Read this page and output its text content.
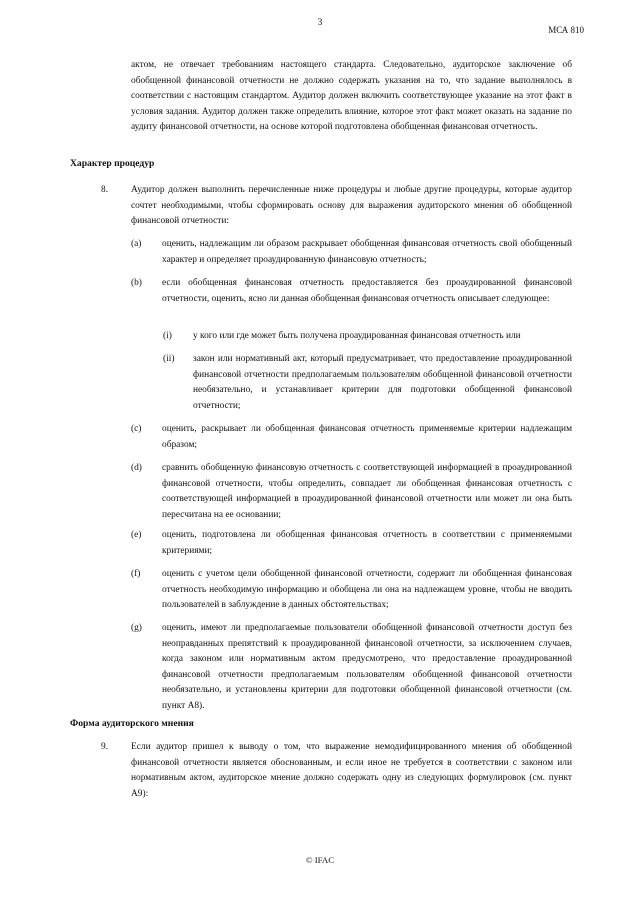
3
МСА 810

актом, не отвечает требованиям настоящего стандарта. Следовательно, аудиторское заключение об обобщенной финансовой отчетности не должно содержать указания на то, что задание выполнялось в соответствии с настоящим стандартом. Аудитор должен включить соответствующее указание на этот факт в условия задания. Аудитор должен также определить влияние, которое этот факт может оказать на задание по аудиту финансовой отчетности, на основе которой подготовлена обобщенная финансовая отчетность.

Характер процедур
8. Аудитор должен выполнить перечисленные ниже процедуры и любые другие процедуры, которые аудитор сочтет необходимыми, чтобы сформировать основу для выражения аудиторского мнения об обобщенной финансовой отчетности:

(a) оценить, надлежащим ли образом раскрывает обобщенная финансовая отчетность свой обобщенный характер и определяет проаудированную финансовую отчетность;

(b) если обобщенная финансовая отчетность предоставляется без проаудированной финансовой отчетности, оценить, ясно ли данная обобщенная финансовая отчетность описывает следующее:

(i) у кого или где может быть получена проаудированная финансовая отчетность или

(ii) закон или нормативный акт, который предусматривает, что предоставление проаудированной финансовой отчетности предполагаемым пользователям обобщенной финансовой отчетности необязательно, и устанавливает критерии для подготовки обобщенной финансовой отчетности;

(c) оценить, раскрывает ли обобщенная финансовая отчетность применяемые критерии надлежащим образом;

(d) сравнить обобщенную финансовую отчетность с соответствующей информацией в проаудированной финансовой отчетности, чтобы определить, совпадает ли обобщенная финансовая отчетность с соответствующей информацией в проаудированной финансовой отчетности или может ли она быть пересчитана на ее основании;

(e) оценить, подготовлена ли обобщенная финансовая отчетность в соответствии с применяемыми критериями;

(f) оценить с учетом цели обобщенной финансовой отчетности, содержит ли обобщенная финансовая отчетность необходимую информацию и обобщена ли она на надлежащем уровне, чтобы не вводить пользователей в заблуждение в данных обстоятельствах;

(g) оценить, имеют ли предполагаемые пользователи обобщенной финансовой отчетности доступ без неоправданных препятствий к проаудированной финансовой отчетности, за исключением случаев, когда законом или нормативным актом предусмотрено, что предоставление проаудированной финансовой отчетности предполагаемым пользователям обобщенной финансовой отчетности необязательно, и установлены критерии для подготовки обобщенной финансовой отчетности (см. пункт А8).

Форма аудиторского мнения
9. Если аудитор пришел к выводу о том, что выражение немодифицированного мнения об обобщенной финансовой отчетности является обоснованным, и если иное не требуется в соответствии с законом или нормативным актом, аудиторское мнение должно содержать одну из следующих формулировок (см. пункт А9):

© IFAC
